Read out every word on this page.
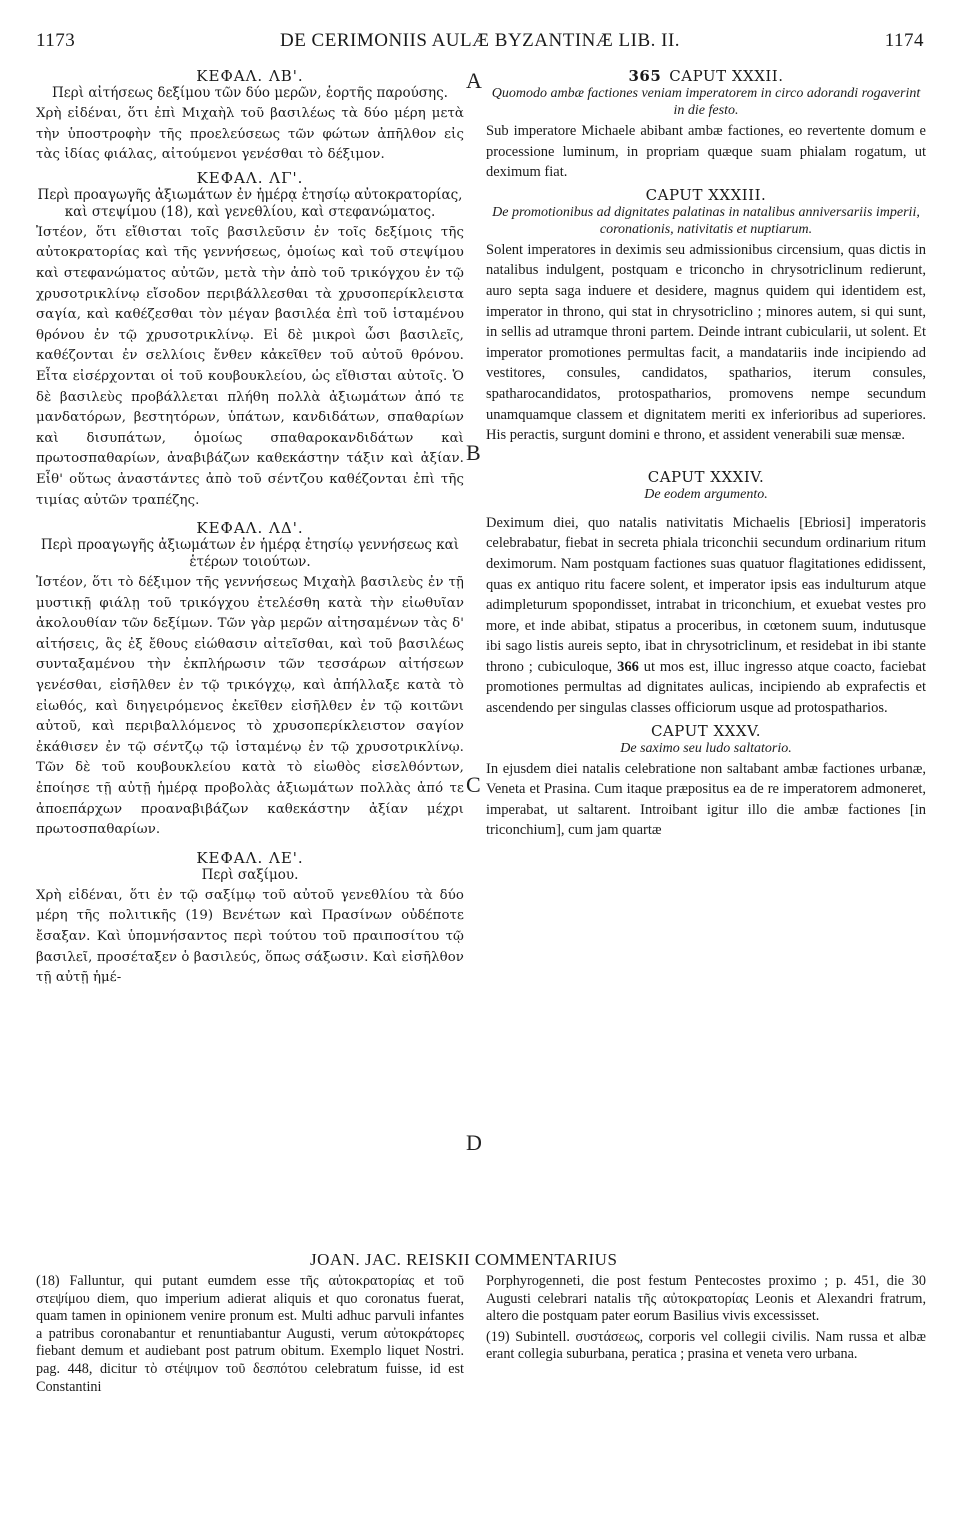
1173	DE CERIMONIIS AULÆ BYZANTINÆ LIB. II.	1174
A
B
C
D

ΚΕΦΑΛ. ΛΒ'.

Περὶ αἰτήσεως δεξίμου τῶν δύο μερῶν, ἑορτῆς παρούσης.

Χρὴ εἰδέναι, ὅτι ἐπὶ Μιχαὴλ τοῦ βασιλέως τὰ δύο μέρη μετὰ τὴν ὑποστροφὴν τῆς προελεύσεως τῶν φώτων ἀπῆλθον εἰς τὰς ἰδίας φιάλας, αἰτούμενοι γενέσθαι τὸ δέξιμον.

ΚΕΦΑΛ. ΛΓ'.

Περὶ προαγωγῆς ἀξιωμάτων ἐν ἡμέρᾳ ἐτησίῳ αὐτοκρατορίας, καὶ στεψίμου (18), καὶ γενεθλίου, καὶ στεφανώματος.

Ἰστέον, ὅτι εἴθισται τοῖς βασιλεῦσιν ἐν τοῖς δεξίμοις τῆς αὐτοκρατορίας καὶ τῆς γεννήσεως, ὁμοίως καὶ τοῦ στεψίμου καὶ στεφανώματος αὐτῶν, μετὰ τὴν ἀπὸ τοῦ τρικόγχου ἐν τῷ χρυσοτρικλίνῳ εἴσοδον περιβάλλεσθαι τὰ χρυσοπερίκλειστα σαγία, καὶ καθέζεσθαι τὸν μέγαν βασιλέα ἐπὶ τοῦ ἱσταμένου θρόνου ἐν τῷ χρυσοτρικλίνῳ. Εἰ δὲ μικροὶ ὦσι βασιλεῖς, καθέζονται ἐν σελλίοις ἔνθεν κἀκεῖθεν τοῦ αὐτοῦ θρόνου. Εἶτα εἰσέρχονται οἱ τοῦ κουβουκλείου, ὡς εἴθισται αὐτοῖς. Ὁ δὲ βασιλεὺς προβάλλεται πλήθη πολλὰ ἀξιωμάτων ἀπό τε μανδατόρων, βεστητόρων, ὑπάτων, κανδιδάτων, σπαθαρίων καὶ δισυπάτων, ὁμοίως σπαθαροκανδιδάτων καὶ πρωτοσπαθαρίων, ἀναβιβάζων καθεκάστην τάξιν καὶ ἀξίαν. Εἶθ' οὕτως ἀναστάντες ἀπὸ τοῦ σέντζου καθέζονται ἐπὶ τῆς τιμίας αὐτῶν τραπέζης.

ΚΕΦΑΛ. ΛΔ'.

Περὶ προαγωγῆς ἀξιωμάτων ἐν ἡμέρᾳ ἐτησίῳ γεννήσεως καὶ ἑτέρων τοιούτων.

Ἰστέον, ὅτι τὸ δέξιμον τῆς γεννήσεως Μιχαὴλ βασιλεὺς ἐν τῇ μυστικῇ φιάλῃ τοῦ τρικόγχου ἐτελέσθη κατὰ τὴν εἰωθυῖαν ἀκολουθίαν τῶν δεξίμων. Τῶν γὰρ μερῶν αἰτησαμένων τὰς δ' αἰτήσεις, ἃς ἐξ ἔθους εἰώθασιν αἰτεῖσθαι, καὶ τοῦ βασιλέως συνταξαμένου τὴν ἐκπλήρωσιν τῶν τεσσάρων αἰτήσεων γενέσθαι, εἰσῆλθεν ἐν τῷ τρικόγχῳ, καὶ ἀπήλλαξε κατὰ τὸ εἰωθός, καὶ διηγειρόμενος ἐκεῖθεν εἰσῆλθεν ἐν τῷ κοιτῶνι αὐτοῦ, καὶ περιβαλλόμενος τὸ χρυσοπερίκλειστον σαγίον ἐκάθισεν ἐν τῷ σέντζῳ τῷ ἱσταμένῳ ἐν τῷ χρυσοτρικλίνῳ. Τῶν δὲ τοῦ κουβουκλείου κατὰ τὸ εἰωθὸς εἰσελθόντων, ἐποίησε τῇ αὐτῇ ἡμέρᾳ προβολὰς ἀξιωμάτων πολλὰς ἀπό τε ἀποεπάρχων προαναβιβάζων καθεκάστην ἀξίαν μέχρι πρωτοσπαθαρίων.

ΚΕΦΑΛ. ΛΕ'.

Περὶ σαξίμου.

Χρὴ εἰδέναι, ὅτι ἐν τῷ σαξίμῳ τοῦ αὐτοῦ γενεθλίου τὰ δύο μέρη τῆς πολιτικῆς (19) Βενέτων καὶ Πρασίνων οὐδέποτε ἔσαξαν. Καὶ ὑπομνήσαντος περὶ τούτου τοῦ πραιποσίτου τῷ βασιλεῖ, προσέταξεν ὁ βασιλεύς, ὅπως σάξωσιν. Καὶ εἰσῆλθον τῇ αὐτῇ ἡμέ-

365 CAPUT XXXII.

Quomodo ambæ factiones veniam imperatorem in circo adorandi rogaverint in die festo.

Sub imperatore Michaele abibant ambæ factiones, eo revertente domum e processione luminum, in propriam quæque suam phialam rogatum, ut deximum fiat.

CAPUT XXXIII.

De promotionibus ad dignitates palatinas in natalibus anniversariis imperii, coronationis, nativitatis et nuptiarum.

Solent imperatores in deximis seu admissionibus circensium, quas dictis in natalibus indulgent, postquam e triconcho in chrysotriclinum redierunt, auro septa saga induere et desidere, magnus quidem qui identidem est, imperator in throno, qui stat in chrysotriclino ; minores autem, si qui sunt, in sellis ad utramque throni partem. Deinde intrant cubicularii, ut solent. Et imperator promotiones permultas facit, a mandatariis inde incipiendo ad vestitores, consules, candidatos, spatharios, iterum consules, spatharocandidatos, protospatharios, promovens nempe secundum unamquamque classem et dignitatem meriti ex inferioribus ad superiores. His peractis, surgunt domini e throno, et assident venerabili suæ mensæ.

CAPUT XXXIV.

De eodem argumento.

Deximum diei, quo natalis nativitatis Michaelis [Ebriosi] imperatoris celebrabatur, fiebat in secreta phiala triconchii secundum ordinarium ritum deximorum. Nam postquam factiones suas quatuor flagitationes edidissent, quas ex antiquo ritu facere solent, et imperator ipsis eas indulturum atque adimpleturum spopondisset, intrabat in triconchium, et exuebat vestes pro more, et inde abibat, stipatus a proceribus, in cœtonem suum, indutusque ibi sago listis aureis septo, ibat in chrysotriclinum, et residebat in ibi stante throno ; cubiculoque, 366 ut mos est, illuc ingresso atque coacto, faciebat promotiones permultas ad dignitates aulicas, incipiendo ab exprafectis et ascendendo per singulas classes officiorum usque ad protospatharios.

CAPUT XXXV.

De saximo seu ludo saltatorio.

In ejusdem diei natalis celebratione non saltabant ambæ factiones urbanæ, Veneta et Prasina. Cum itaque præpositus ea de re imperatorem admoneret, imperabat, ut saltarent. Introibant igitur illo die ambæ factiones [in triconchium], cum jam quartæ

JOAN. JAC. REISKII COMMENTARIUS

(18) Falluntur, qui putant eumdem esse τῆς αὐτοκρατορίας et τοῦ στεψίμου diem, quo imperium adierat aliquis et quo coronatus fuerat, quam tamen in opinionem venire pronum est. Multi adhuc parvuli infantes a patribus coronabantur et renuntiabantur Augusti, verum αὐτοκράτορες fiebant demum et audiebant post patrum obitum. Exemplo liquet Nostri. pag. 448, dicitur τὸ στέψιμον τοῦ δεσπότου celebratum fuisse, id est Constantini

Porphyrogenneti, die post festum Pentecostes proximo ; p. 451, die 30 Augusti celebrari natalis τῆς αὐτοκρατορίας Leonis et Alexandri fratrum, altero die postquam pater eorum Basilius vivis excessisset.

(19) Subintell. συστάσεως, corporis vel collegii civilis. Nam russa et albæ erant collegia suburbana, peratica ; prasina et veneta vero urbana.
